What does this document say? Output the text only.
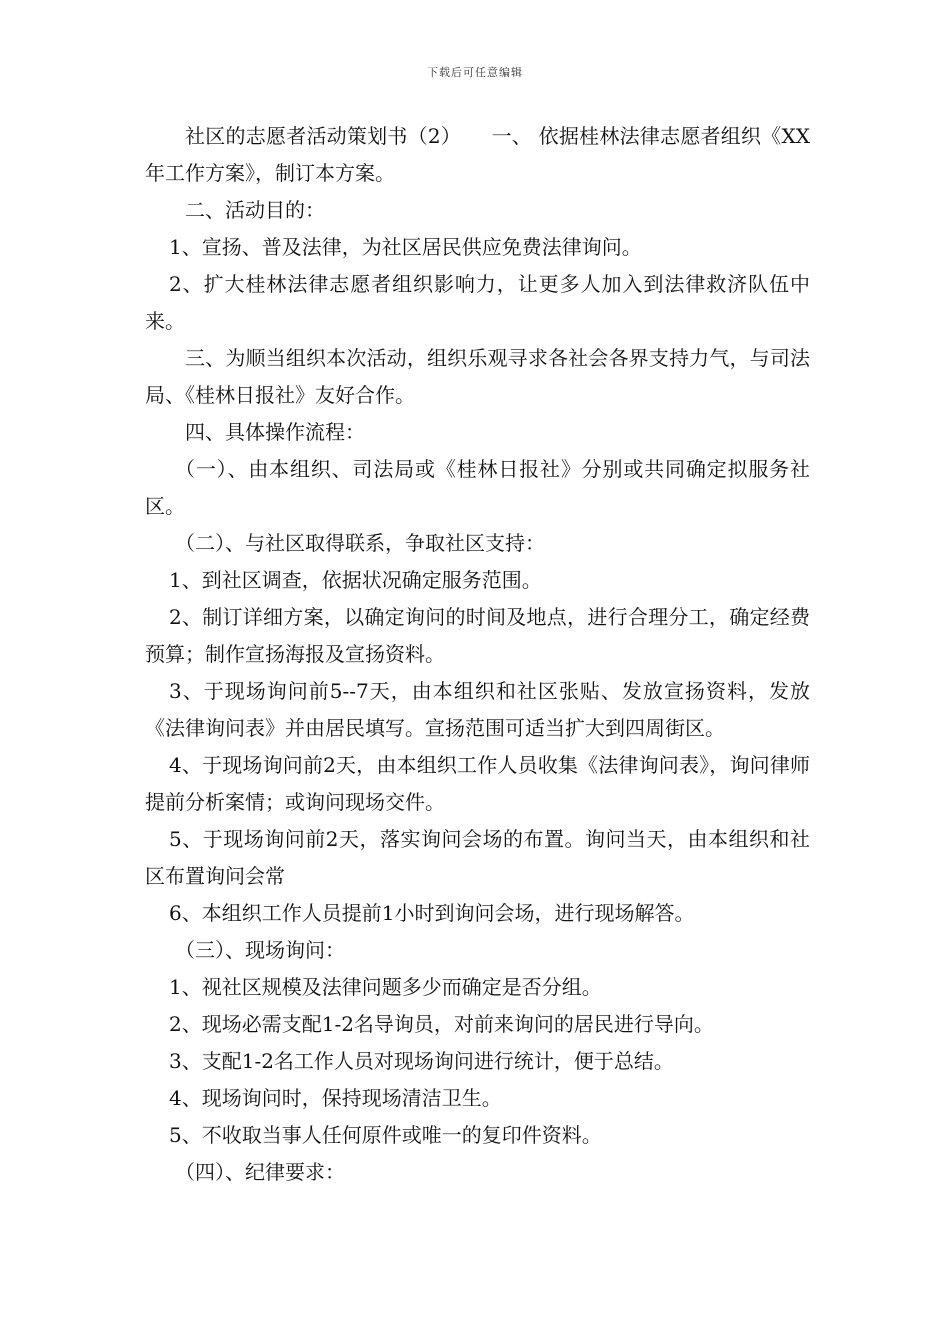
下载后可任意编辑

社区的志愿者活动策划书（2）　　一、 依据桂林法律志愿者组织《XX年工作方案》，制订本方案。

二、活动目的：

1、宣扬、普及法律，为社区居民供应免费法律询问。

2、扩大桂林法律志愿者组织影响力，让更多人加入到法律救济队伍中来。

三、为顺当组织本次活动，组织乐观寻求各社会各界支持力气，与司法局、《桂林日报社》友好合作。

四、具体操作流程：

（一）、由本组织、司法局或《桂林日报社》分别或共同确定拟服务社区。

（二）、与社区取得联系，争取社区支持：

1、到社区调查，依据状况确定服务范围。

2、制订详细方案，以确定询问的时间及地点，进行合理分工，确定经费预算；制作宣扬海报及宣扬资料。

3、于现场询问前5--7天，由本组织和社区张贴、发放宣扬资料，发放《法律询问表》并由居民填写。宣扬范围可适当扩大到四周街区。

4、于现场询问前2天，由本组织工作人员收集《法律询问表》，询问律师提前分析案情；或询问现场交件。

5、于现场询问前2天，落实询问会场的布置。询问当天，由本组织和社区布置询问会常

6、本组织工作人员提前1小时到询问会场，进行现场解答。

（三）、现场询问：

1、视社区规模及法律问题多少而确定是否分组。

2、现场必需支配1-2名导询员，对前来询问的居民进行导向。

3、支配1-2名工作人员对现场询问进行统计，便于总结。

4、现场询问时，保持现场清洁卫生。

5、不收取当事人任何原件或唯一的复印件资料。

（四）、纪律要求：
